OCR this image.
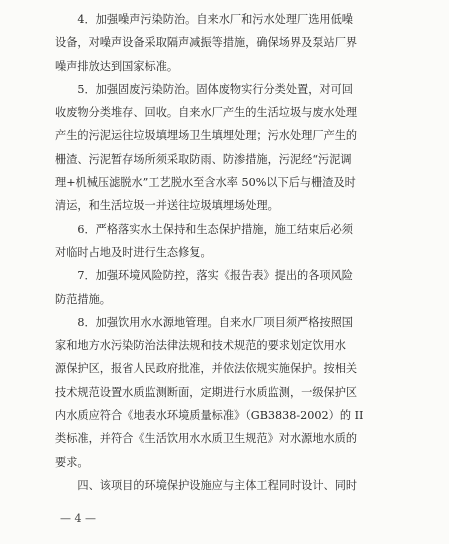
　　4．加强噪声污染防治。自来水厂和污水处理厂选用低噪
设备，对噪声设备采取隔声减振等措施，确保场界及泵站厂界
噪声排放达到国家标准。
　　5．加强固废污染防治。固体废物实行分类处置，对可回
收废物分类堆存、回收。自来水厂产生的生活垃圾与废水处理
产生的污泥运往垃圾填埋场卫生填埋处理；污水处理厂产生的
栅渣、污泥暂存场所须采取防雨、防渗措施，污泥经“污泥调
理+机械压滤脱水”工艺脱水至含水率 50%以下后与栅渣及时
清运，和生活垃圾一并送往垃圾填埋场处理。
　　6．严格落实水土保持和生态保护措施，施工结束后必须
对临时占地及时进行生态修复。
　　7．加强环境风险防控，落实《报告表》提出的各项风险
防范措施。
　　8．加强饮用水水源地管理。自来水厂项目须严格按照国
家和地方水污染防治法律法规和技术规范的要求划定饮用水
源保护区，报省人民政府批准，并依法依规实施保护。按相关
技术规范设置水质监测断面，定期进行水质监测，一级保护区
内水质应符合《地表水环境质量标准》（GB3838-2002）的 II
类标准，并符合《生活饮用水水质卫生规范》对水源地水质的
要求。
　　四、该项目的环境保护设施应与主体工程同时设计、同时
— 4 —
